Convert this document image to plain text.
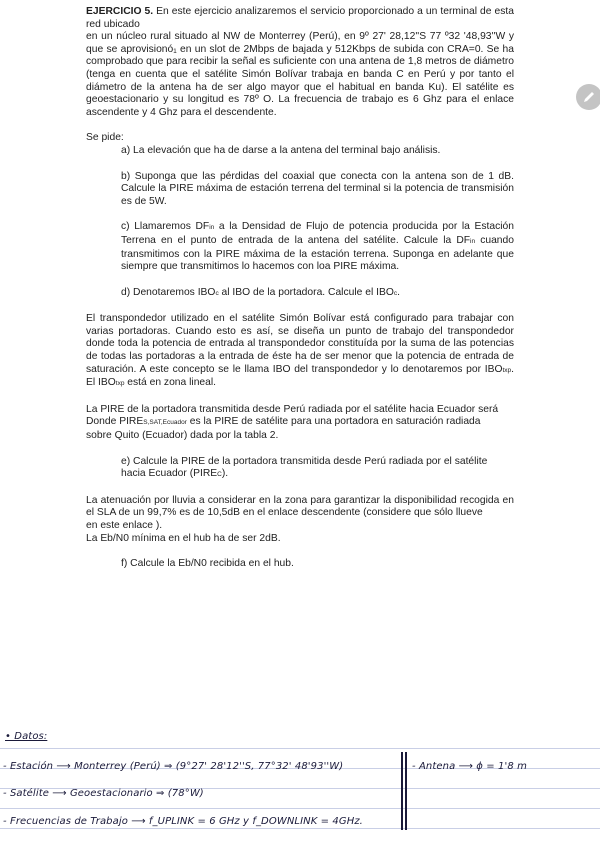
EJERCICIO 5. En este ejercicio analizaremos el servicio proporcionado a un terminal de esta red ubicado
en un núcleo rural situado al NW de Monterrey (Perú), en 9º 27' 28,12''S 77 º32 '48,93''W y que se aprovisionó₁ en un slot de 2Mbps de bajada y 512Kbps de subida con CRA=0. Se ha comprobado que para recibir la señal es suficiente con una antena de 1,8 metros de diámetro (tenga en cuenta que el satélite Simón Bolívar trabaja en banda C en Perú y por tanto el diámetro de la antena ha de ser algo mayor que el habitual en banda Ku). El satélite es geoestacionario y su longitud es 78º O. La frecuencia de trabajo es 6 Ghz para el enlace ascendente y 4 Ghz para el descendente.

Se pide:

a) La elevación que ha de darse a la antena del terminal bajo análisis.

b) Suponga que las pérdidas del coaxial que conecta con la antena son de 1 dB. Calcule la PIRE máxima de estación terrena del terminal si la potencia de transmisión es de 5W.

c) Llamaremos DFin a la Densidad de Flujo de potencia producida por la Estación Terrena en el punto de entrada de la antena del satélite. Calcule la DFin cuando transmitimos con la PIRE máxima de la estación terrena. Suponga en adelante que siempre que transmitimos lo hacemos con loa PIRE máxima.

d) Denotaremos IBOc al IBO de la portadora. Calcule el IBOc.

El transpondedor utilizado en el satélite Simón Bolívar está configurado para trabajar con varias portadoras. Cuando esto es así, se diseña un punto de trabajo del transpondedor donde toda la potencia de entrada al transpondedor constituída por la suma de las potencias de todas las portadoras a la entrada de éste ha de ser menor que la potencia de entrada de saturación. A este concepto se le llama IBO del transpondedor y lo denotaremos por IBOtxp. El IBOtxp está en zona lineal.

La PIRE de la portadora transmitida desde Perú radiada por el satélite hacia Ecuador será

Donde PIRES,SAT,Ecuador es la PIRE de satélite para una portadora en saturación radiada

sobre Quito (Ecuador) dada por la tabla 2.

e) Calcule la PIRE de la portadora transmitida desde Perú radiada por el satélite hacia Ecuador (PIREC).

La atenuación por lluvia a considerar en la zona para garantizar la disponibilidad recogida en el SLA de un 99,7% es de 10,5dB en el enlace descendente (considere que sólo llueve

en este enlace ).

La Eb/N0 mínima en el hub ha de ser 2dB.

f) Calcule la Eb/N0 recibida en el hub.

• Datos:
- Estación ⟶ Monterrey (Perú) ⇒ (9°27' 28'12''S, 77°32' 48'93''W)
- Satélite ⟶ Geoestacionario ⇒ (78°W)
- Frecuencias de Trabajo ⟶ f_UPLINK = 6 GHz y f_DOWNLINK = 4GHz.
- Antena ⟶ ϕ = 1'8 m
